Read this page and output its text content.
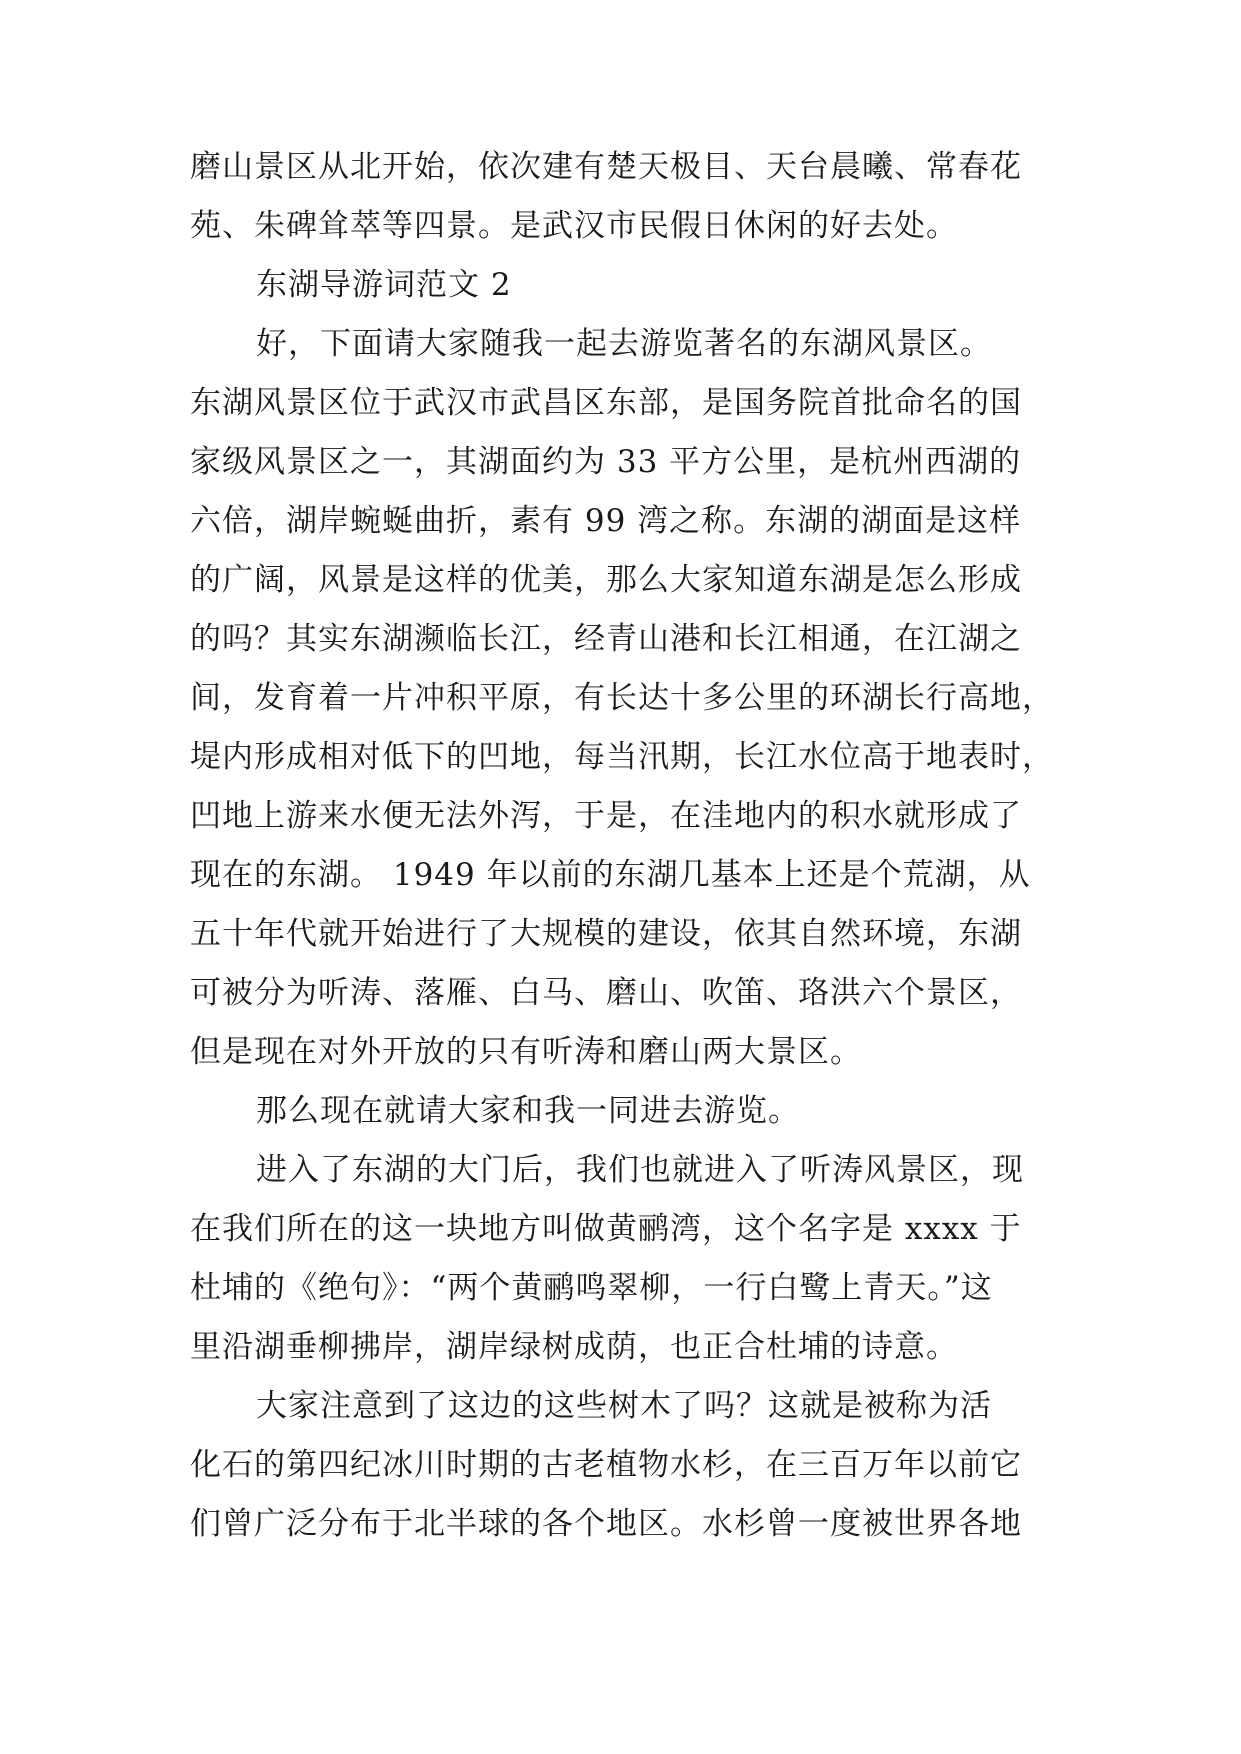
磨山景区从北开始，依次建有楚天极目、天台晨曦、常春花
苑、朱碑耸萃等四景。是武汉市民假日休闲的好去处。
东湖导游词范文 2
好，下面请大家随我一起去游览著名的东湖风景区。
东湖风景区位于武汉市武昌区东部，是国务院首批命名的国
家级风景区之一，其湖面约为 33 平方公里，是杭州西湖的
六倍，湖岸蜿蜒曲折，素有 99 湾之称。东湖的湖面是这样
的广阔，风景是这样的优美，那么大家知道东湖是怎么形成
的吗？其实东湖濒临长江，经青山港和长江相通，在江湖之
间，发育着一片冲积平原，有长达十多公里的环湖长行高地，
堤内形成相对低下的凹地，每当汛期，长江水位高于地表时，
凹地上游来水便无法外泻，于是，在洼地内的积水就形成了
现在的东湖。 1949 年以前的东湖几基本上还是个荒湖，从
五十年代就开始进行了大规模的建设，依其自然环境，东湖
可被分为听涛、落雁、白马、磨山、吹笛、珞洪六个景区，
但是现在对外开放的只有听涛和磨山两大景区。
那么现在就请大家和我一同进去游览。
进入了东湖的大门后，我们也就进入了听涛风景区，现
在我们所在的这一块地方叫做黄鹂湾，这个名字是 xxxx 于
杜埔的《绝句》：“两个黄鹂鸣翠柳，一行白鹭上青天。”这
里沿湖垂柳拂岸，湖岸绿树成荫，也正合杜埔的诗意。
大家注意到了这边的这些树木了吗？这就是被称为活
化石的第四纪冰川时期的古老植物水杉，在三百万年以前它
们曾广泛分布于北半球的各个地区。水杉曾一度被世界各地
